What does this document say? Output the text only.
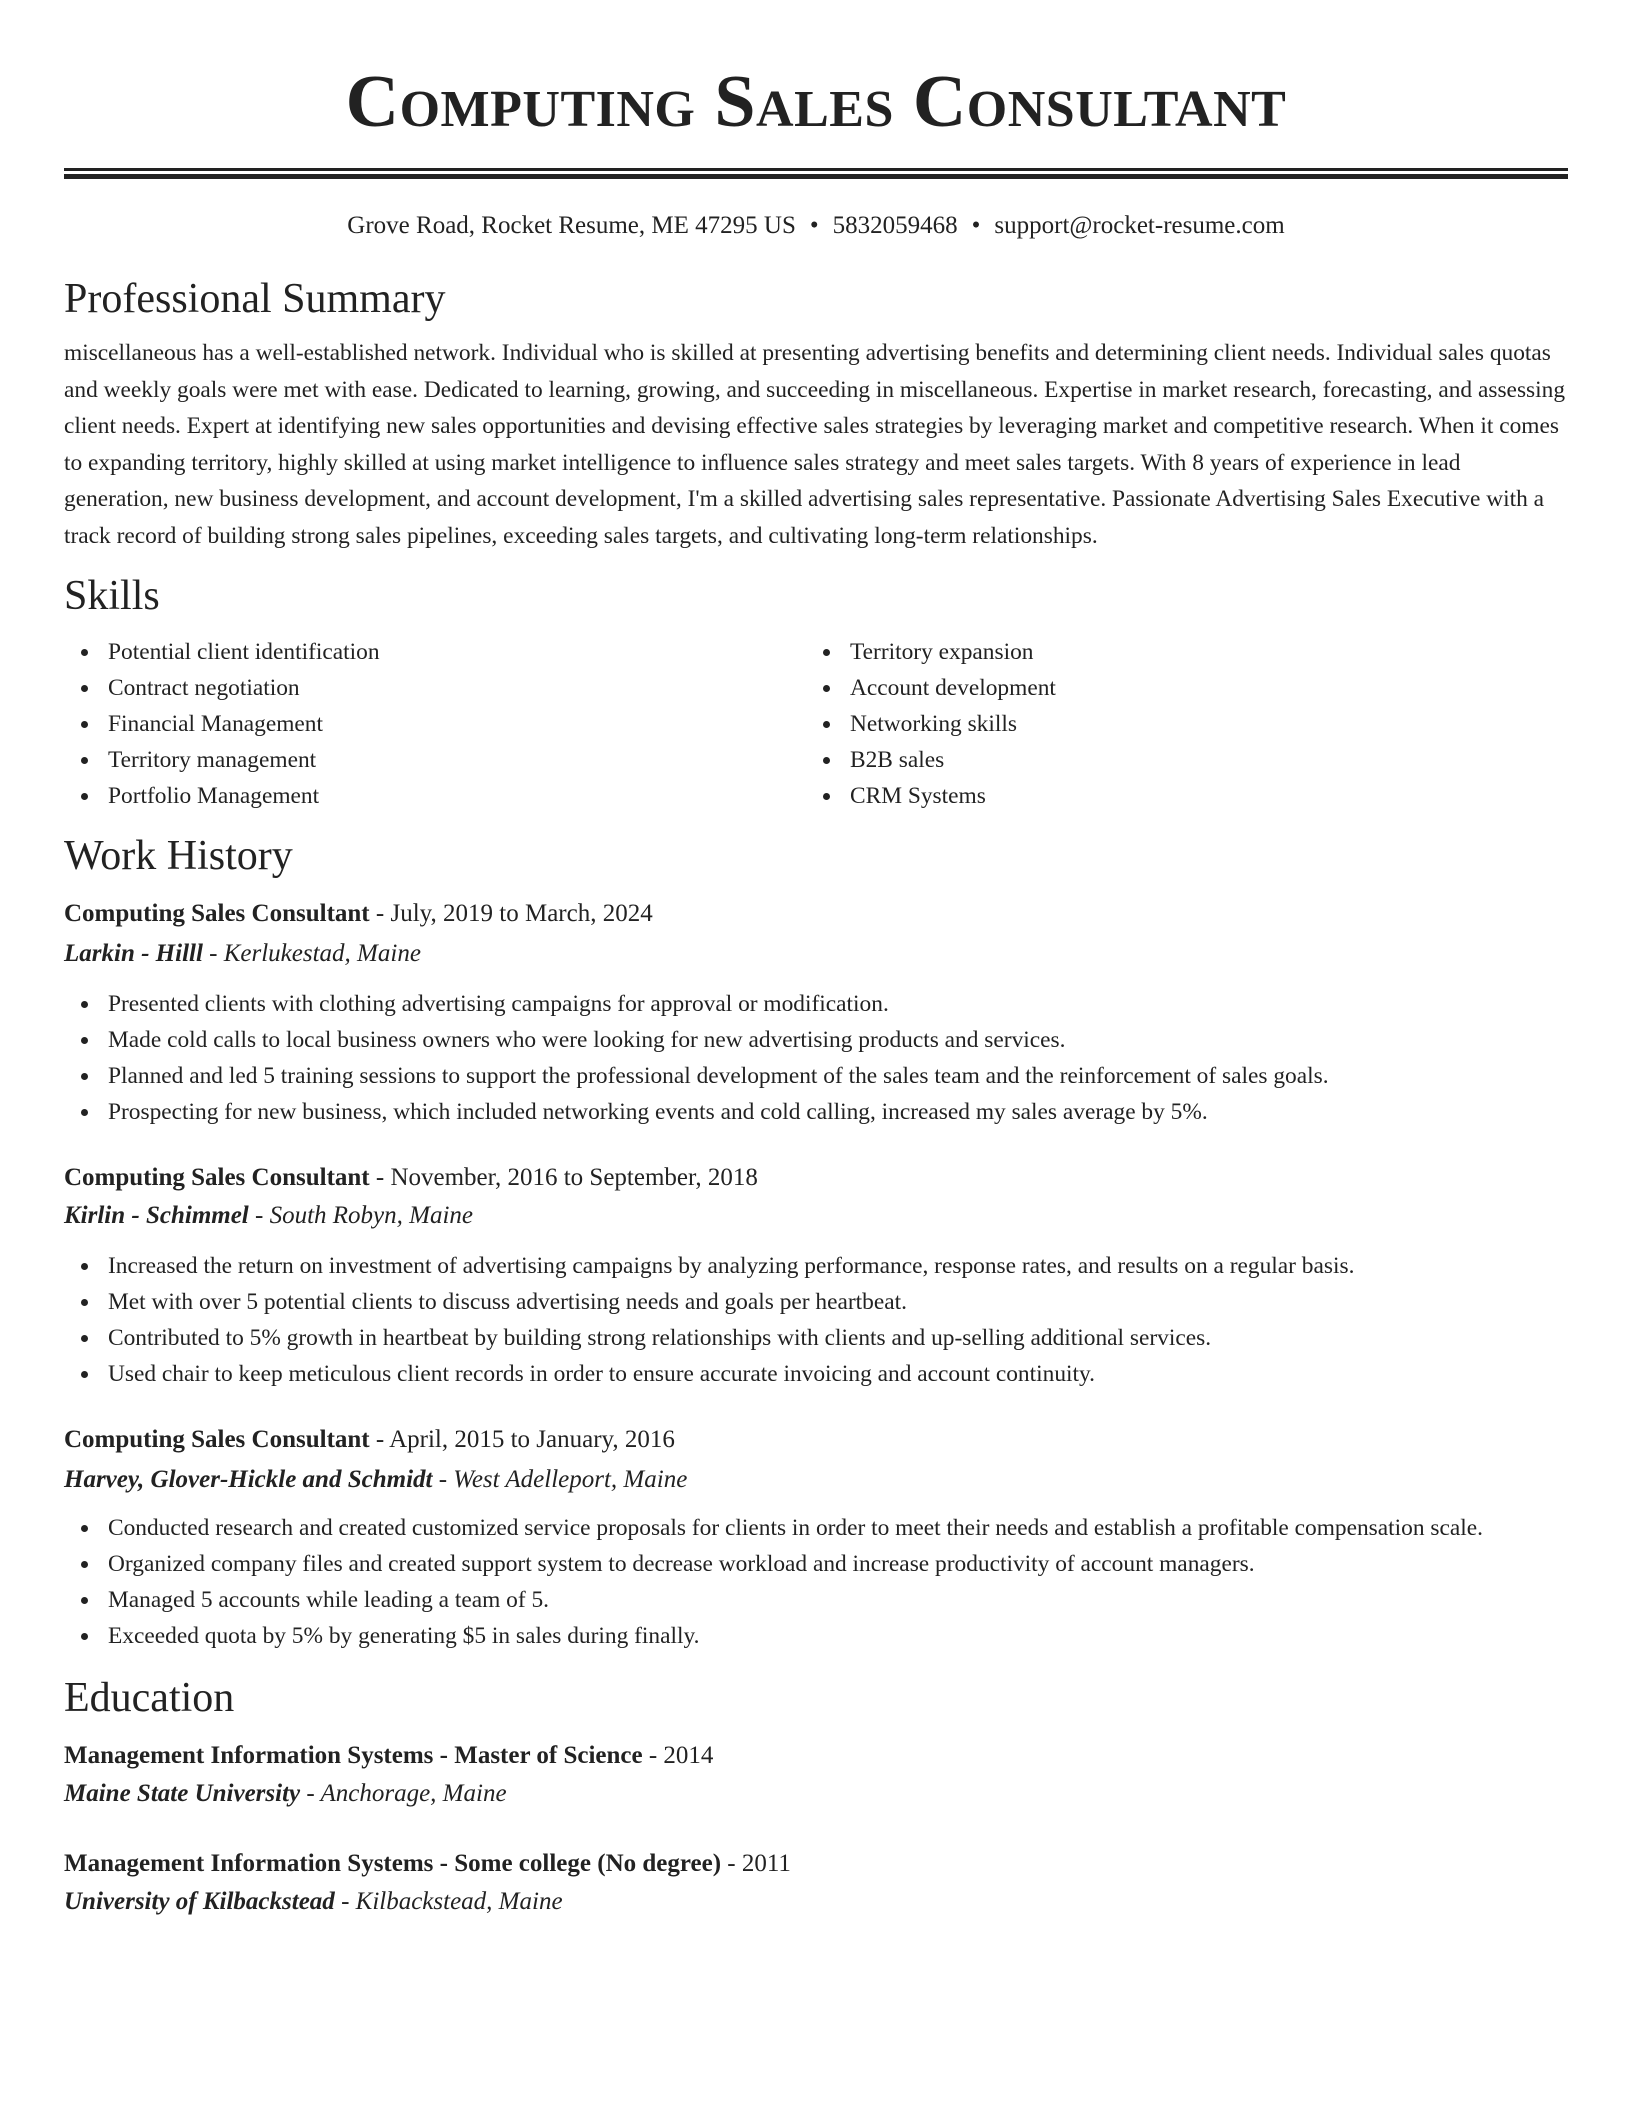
Computing Sales Consultant
Grove Road, Rocket Resume, ME 47295 US • 5832059468 • support@rocket-resume.com
Professional Summary

miscellaneous has a well-established network. Individual who is skilled at presenting advertising benefits and determining client needs. Individual sales quotas and weekly goals were met with ease. Dedicated to learning, growing, and succeeding in miscellaneous. Expertise in market research, forecasting, and assessing client needs. Expert at identifying new sales opportunities and devising effective sales strategies by leveraging market and competitive research. When it comes to expanding territory, highly skilled at using market intelligence to influence sales strategy and meet sales targets. With 8 years of experience in lead generation, new business development, and account development, I'm a skilled advertising sales representative. Passionate Advertising Sales Executive with a track record of building strong sales pipelines, exceeding sales targets, and cultivating long-term relationships.

Skills
Potential client identification
Contract negotiation
Financial Management
Territory management
Portfolio Management
Territory expansion
Account development
Networking skills
B2B sales
CRM Systems
Work History
Computing Sales Consultant - July, 2019 to March, 2024
Larkin - Hilll - Kerlukestad, Maine
Presented clients with clothing advertising campaigns for approval or modification.
Made cold calls to local business owners who were looking for new advertising products and services.
Planned and led 5 training sessions to support the professional development of the sales team and the reinforcement of sales goals.
Prospecting for new business, which included networking events and cold calling, increased my sales average by 5%.
Computing Sales Consultant - November, 2016 to September, 2018
Kirlin - Schimmel - South Robyn, Maine
Increased the return on investment of advertising campaigns by analyzing performance, response rates, and results on a regular basis.
Met with over 5 potential clients to discuss advertising needs and goals per heartbeat.
Contributed to 5% growth in heartbeat by building strong relationships with clients and up-selling additional services.
Used chair to keep meticulous client records in order to ensure accurate invoicing and account continuity.
Computing Sales Consultant - April, 2015 to January, 2016
Harvey, Glover-Hickle and Schmidt - West Adelleport, Maine
Conducted research and created customized service proposals for clients in order to meet their needs and establish a profitable compensation scale.
Organized company files and created support system to decrease workload and increase productivity of account managers.
Managed 5 accounts while leading a team of 5.
Exceeded quota by 5% by generating $5 in sales during finally.
Education
Management Information Systems - Master of Science - 2014
Maine State University - Anchorage, Maine
Management Information Systems - Some college (No degree) - 2011
University of Kilbackstead - Kilbackstead, Maine
